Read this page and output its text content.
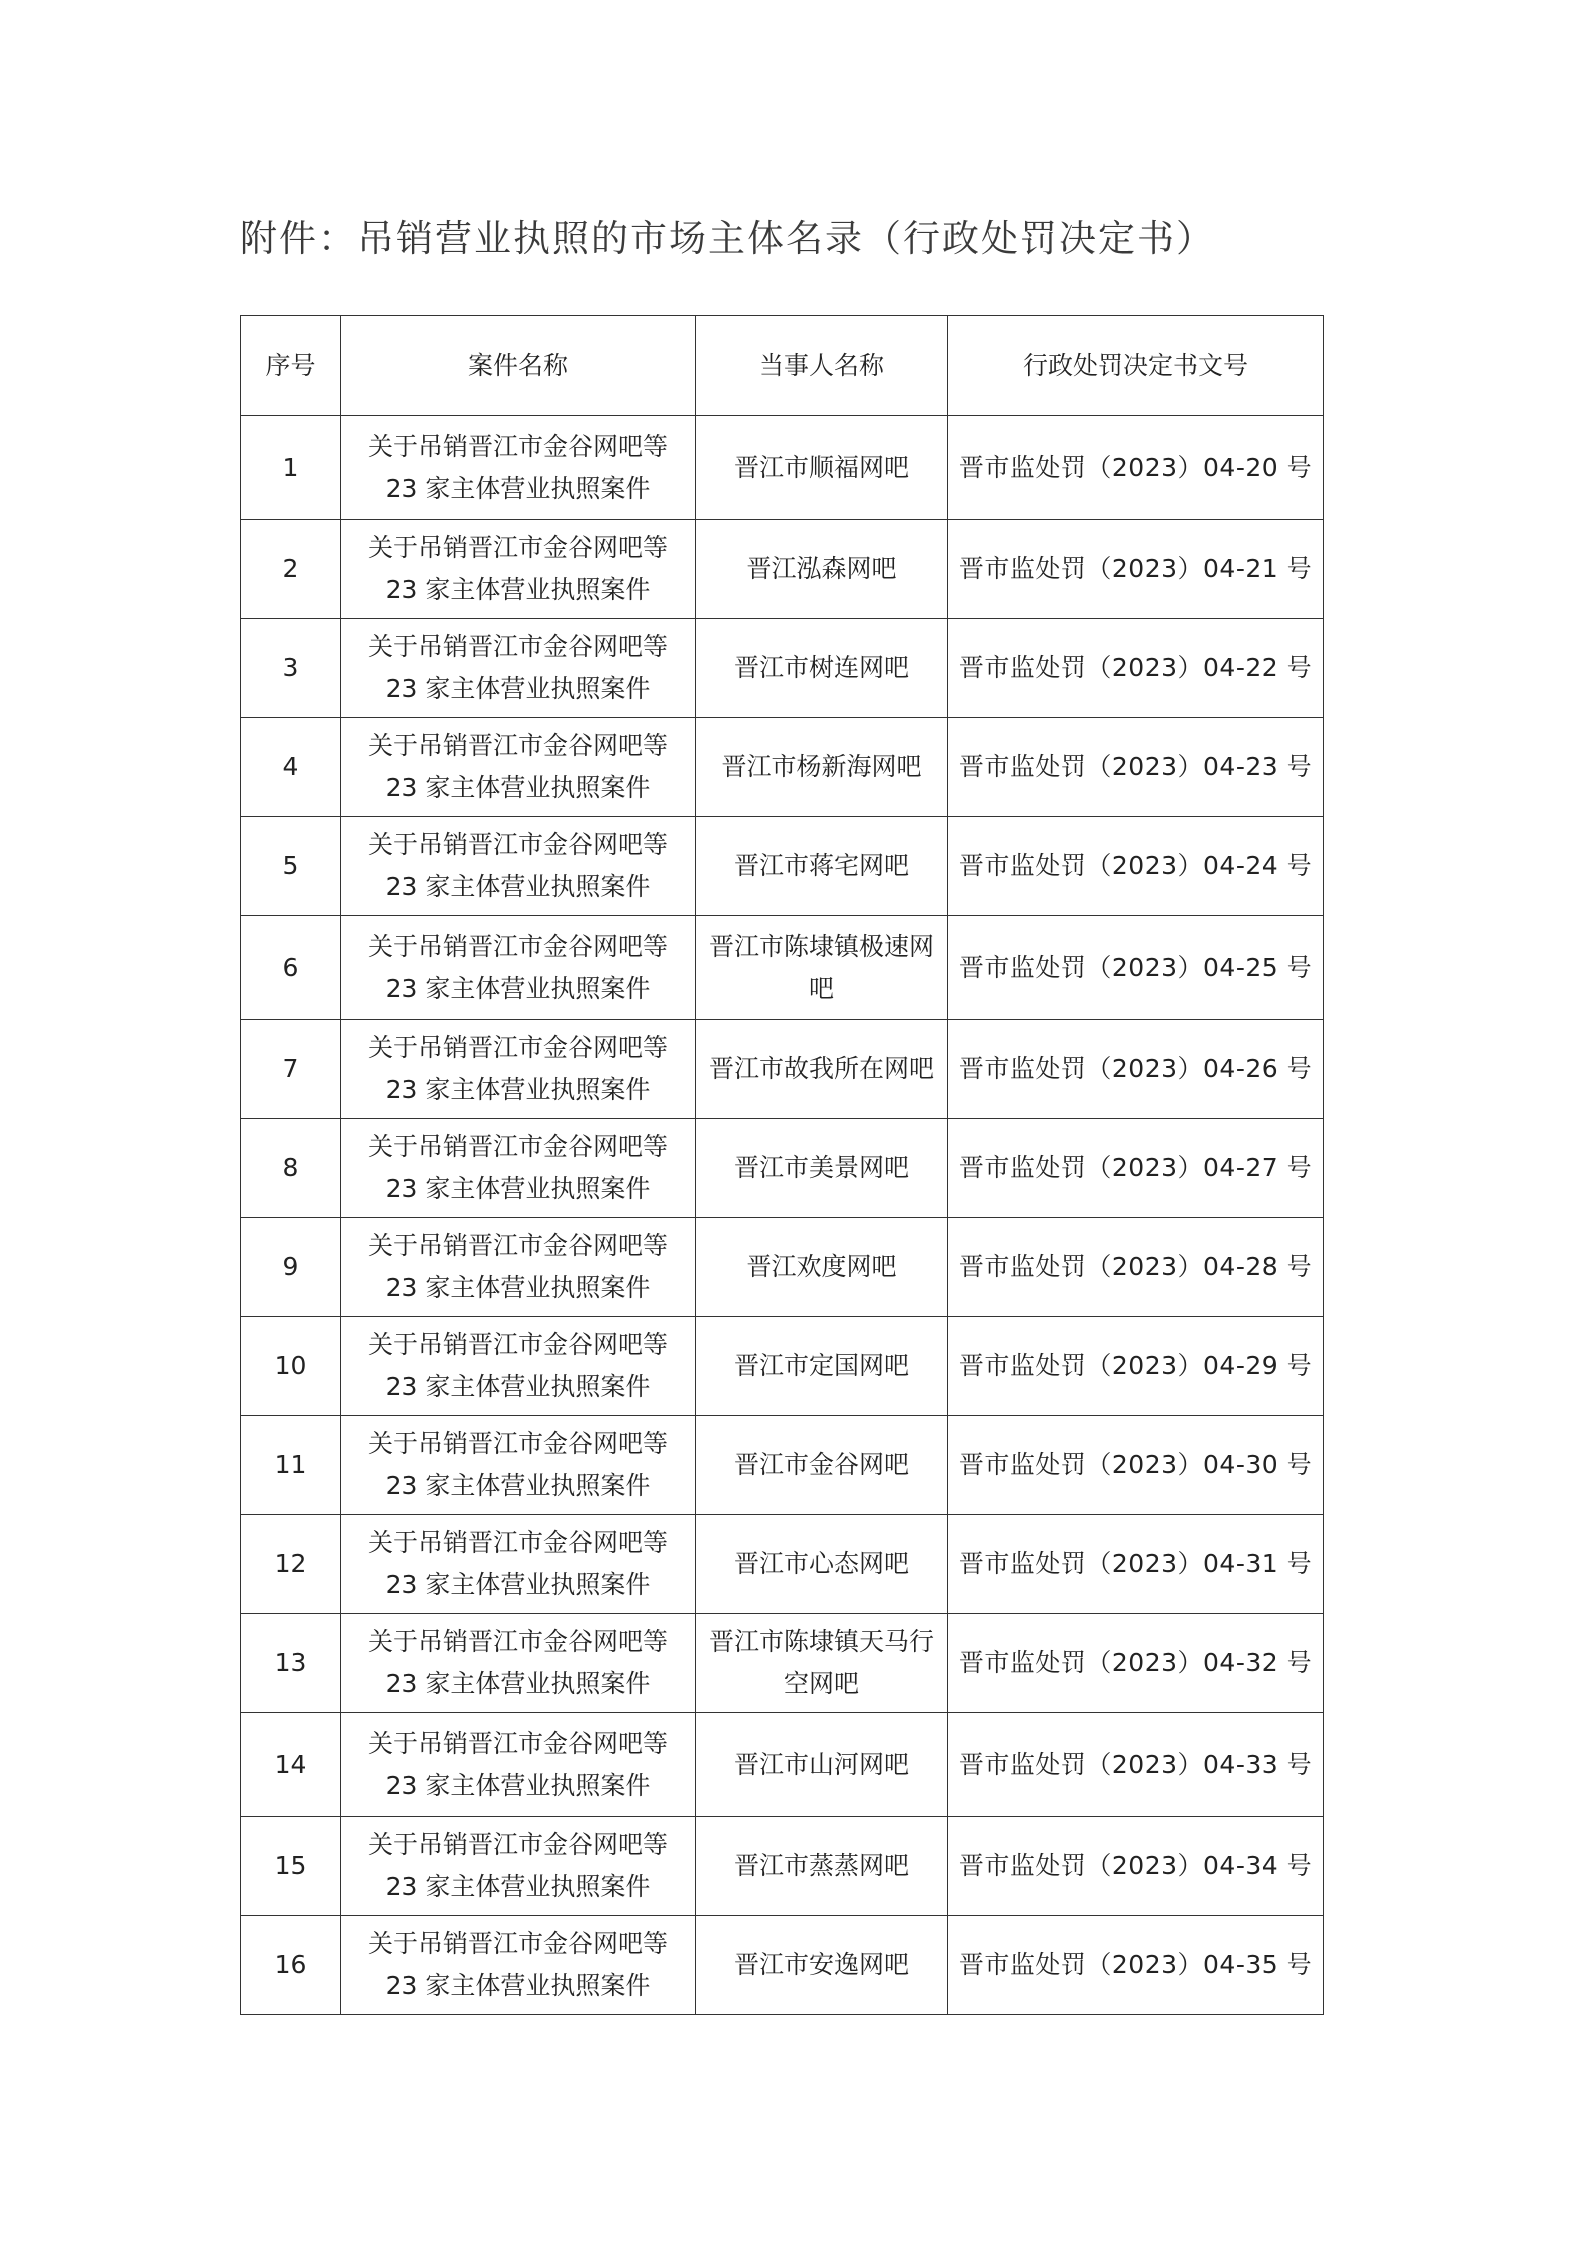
附件：吊销营业执照的市场主体名录（行政处罚决定书）
序号	案件名称	当事人名称	行政处罚决定书文号
1	关于吊销晋江市金谷网吧等
23 家主体营业执照案件	晋江市顺福网吧	晋市监处罚（2023）04-20 号
2	关于吊销晋江市金谷网吧等
23 家主体营业执照案件	晋江泓森网吧	晋市监处罚（2023）04-21 号
3	关于吊销晋江市金谷网吧等
23 家主体营业执照案件	晋江市树连网吧	晋市监处罚（2023）04-22 号
4	关于吊销晋江市金谷网吧等
23 家主体营业执照案件	晋江市杨新海网吧	晋市监处罚（2023）04-23 号
5	关于吊销晋江市金谷网吧等
23 家主体营业执照案件	晋江市蒋宅网吧	晋市监处罚（2023）04-24 号
6	关于吊销晋江市金谷网吧等
23 家主体营业执照案件	晋江市陈埭镇极速网吧	晋市监处罚（2023）04-25 号
7	关于吊销晋江市金谷网吧等
23 家主体营业执照案件	晋江市故我所在网吧	晋市监处罚（2023）04-26 号
8	关于吊销晋江市金谷网吧等
23 家主体营业执照案件	晋江市美景网吧	晋市监处罚（2023）04-27 号
9	关于吊销晋江市金谷网吧等
23 家主体营业执照案件	晋江欢度网吧	晋市监处罚（2023）04-28 号
10	关于吊销晋江市金谷网吧等
23 家主体营业执照案件	晋江市定国网吧	晋市监处罚（2023）04-29 号
11	关于吊销晋江市金谷网吧等
23 家主体营业执照案件	晋江市金谷网吧	晋市监处罚（2023）04-30 号
12	关于吊销晋江市金谷网吧等
23 家主体营业执照案件	晋江市心态网吧	晋市监处罚（2023）04-31 号
13	关于吊销晋江市金谷网吧等
23 家主体营业执照案件	晋江市陈埭镇天马行空网吧	晋市监处罚（2023）04-32 号
14	关于吊销晋江市金谷网吧等
23 家主体营业执照案件	晋江市山河网吧	晋市监处罚（2023）04-33 号
15	关于吊销晋江市金谷网吧等
23 家主体营业执照案件	晋江市蒸蒸网吧	晋市监处罚（2023）04-34 号
16	关于吊销晋江市金谷网吧等
23 家主体营业执照案件	晋江市安逸网吧	晋市监处罚（2023）04-35 号
